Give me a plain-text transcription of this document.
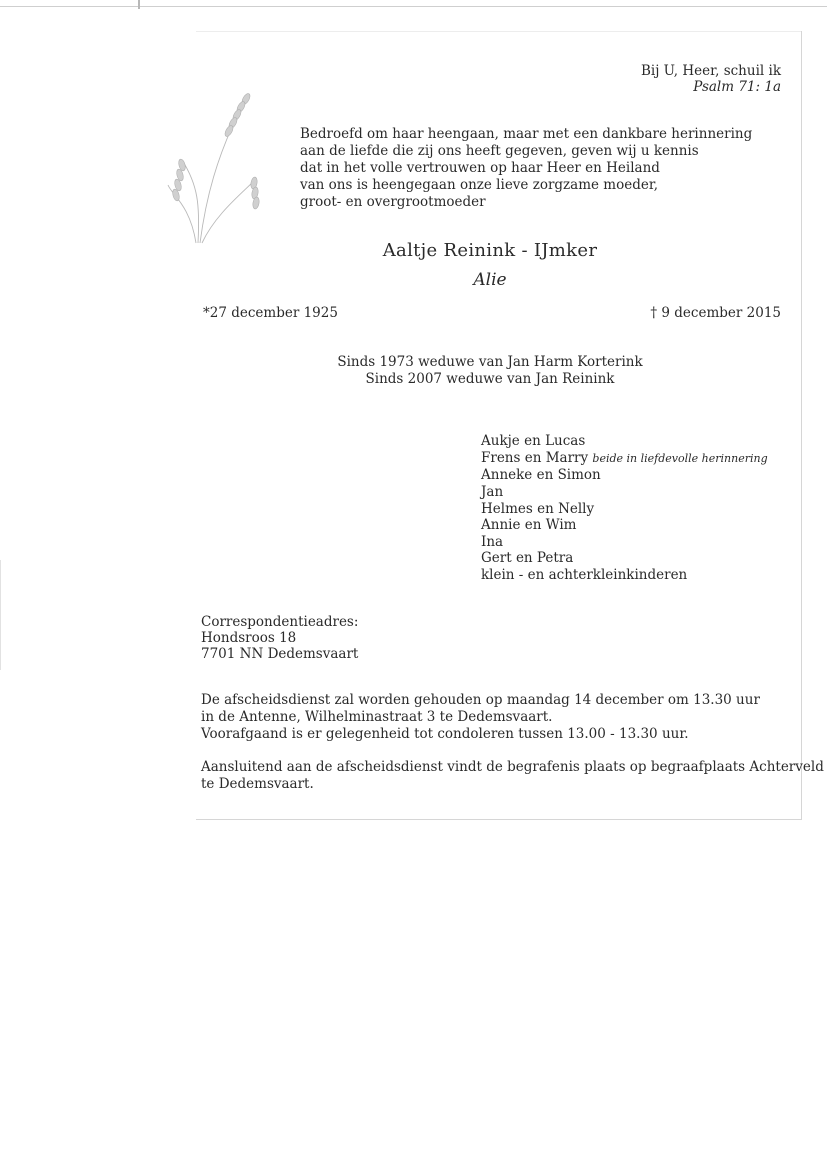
Bij U, Heer, schuil ik
Psalm 71: 1a
Bedroefd om haar heengaan, maar met een dankbare herinnering
aan de liefde die zij ons heeft gegeven, geven wij u kennis
dat in het volle vertrouwen op haar Heer en Heiland
van ons is heengegaan onze lieve zorgzame moeder,
groot- en overgrootmoeder
Aaltje Reinink - IJmker
Alie
*27 december 1925	† 9 december 2015
Sinds 1973 weduwe van Jan Harm Korterink
Sinds 2007 weduwe van Jan Reinink
Aukje en Lucas
Frens en Marry beide in liefdevolle herinnering
Anneke en Simon
Jan
Helmes en Nelly
Annie en Wim
Ina
Gert en Petra
klein - en achterkleinkinderen
Correspondentieadres:
Hondsroos 18
7701 NN Dedemsvaart
De afscheidsdienst zal worden gehouden op maandag 14 december om 13.30 uur
in de Antenne, Wilhelminastraat 3 te Dedemsvaart.
Voorafgaand is er gelegenheid tot condoleren tussen 13.00 - 13.30 uur.
Aansluitend aan de afscheidsdienst vindt de begrafenis plaats op begraafplaats Achterveld
te Dedemsvaart.
